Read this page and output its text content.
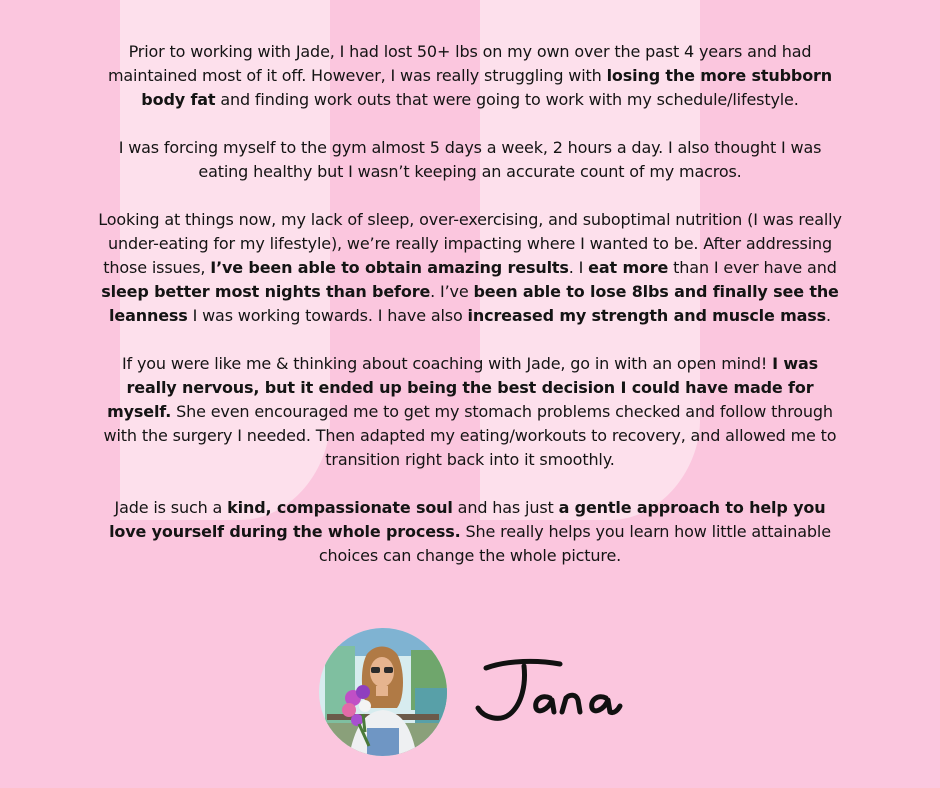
Prior to working with Jade, I had lost 50+ lbs on my own over the past 4 years and had maintained most of it off. However, I was really struggling with losing the more stubborn body fat and finding work outs that were going to work with my schedule/lifestyle.

I was forcing myself to the gym almost 5 days a week, 2 hours a day. I also thought I was eating healthy but I wasn’t keeping an accurate count of my macros.

Looking at things now, my lack of sleep, over-exercising, and suboptimal nutrition (I was really under-eating for my lifestyle), we’re really impacting where I wanted to be. After addressing those issues, I’ve been able to obtain amazing results. I eat more than I ever have and sleep better most nights than before. I’ve been able to lose 8lbs and finally see the leanness I was working towards. I have also increased my strength and muscle mass.

If you were like me & thinking about coaching with Jade, go in with an open mind! I was really nervous, but it ended up being the best decision I could have made for myself. She even encouraged me to get my stomach problems checked and follow through with the surgery I needed. Then adapted my eating/workouts to recovery, and allowed me to transition right back into it smoothly.

Jade is such a kind, compassionate soul and has just a gentle approach to help you love yourself during the whole process. She really helps you learn how little attainable choices can change the whole picture.
